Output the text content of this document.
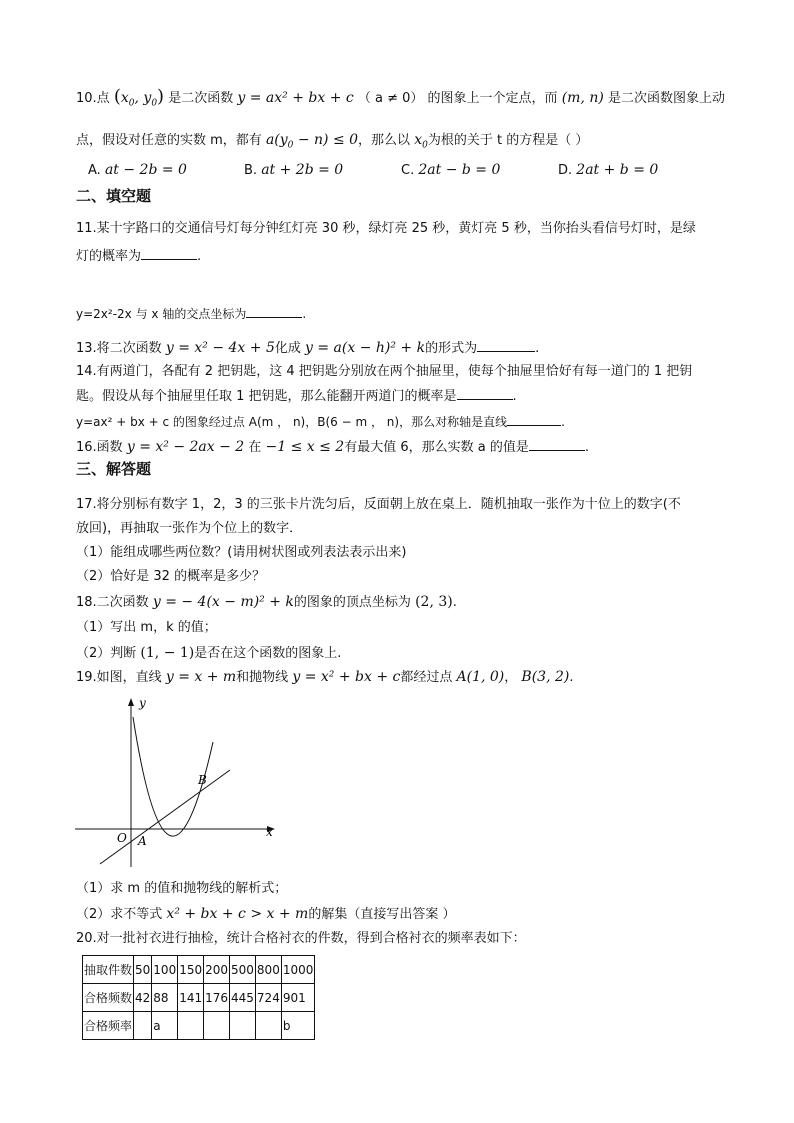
10.点 ($x_0$, $y_0$) 是二次函数 y = ax² + bx + c （ a ≠ 0） 的图象上一个定点，而 (m, n) 是二次函数图象上动
点，假设对任意的实数 m，都有 $a(y_0 - n) \le 0$，那么以 $x_0$为根的关于 t 的方程是（ ）
A. at − 2b = 0	B. at + 2b = 0	C. 2at − b = 0	D. 2at + b = 0
二、填空题
11.某十字路口的交通信号灯每分钟红灯亮 30 秒，绿灯亮 25 秒，黄灯亮 5 秒，当你抬头看信号灯时，是绿
灯的概率为	.
y=2x²-2x 与 x 轴的交点坐标为	.
13.将二次函数 y = x² − 4x + 5化成 y = a(x − h)² + k的形式为	.
14.有两道门，各配有 2 把钥匙，这 4 把钥匙分别放在两个抽屉里，使每个抽屉里恰好有每一道门的 1 把钥
匙。假设从每个抽屉里任取 1 把钥匙，那么能翻开两道门的概率是	.
y=ax² + bx + c 的图象经过点 A(m ， n)，B(6 − m ， n)，那么对称轴是直线	.
16.函数 y = x² − 2ax − 2 在 −1 ≤ x ≤ 2有最大值 6，那么实数 a 的值是	.
三、解答题
17.将分别标有数字 1，2，3 的三张卡片洗匀后，反面朝上放在桌上．随机抽取一张作为十位上的数字(不
放回)，再抽取一张作为个位上的数字．
（1）能组成哪些两位数？(请用树状图或列表法表示出来)
（2）恰好是 32 的概率是多少？
18.二次函数 y = − 4(x − m)² + k的图象的顶点坐标为 (2, 3).
（1）写出 m，k 的值；
（2）判断 (1, − 1)是否在这个函数的图象上.
19.如图，直线 y = x + m和抛物线 y = x² + bx + c都经过点 A(1, 0)， B(3, 2).
y
x
O A
B
（1）求 m 的值和抛物线的解析式；
（2）求不等式 x² + bx + c > x + m的解集（直接写出答案 ）
20.对一批衬衣进行抽检，统计合格衬衣的件数，得到合格衬衣的频率表如下：
抽取件数	50	100	150	200	500	800	1000
合格频数	42	88	141	176	445	724	901
合格频率		a					b
